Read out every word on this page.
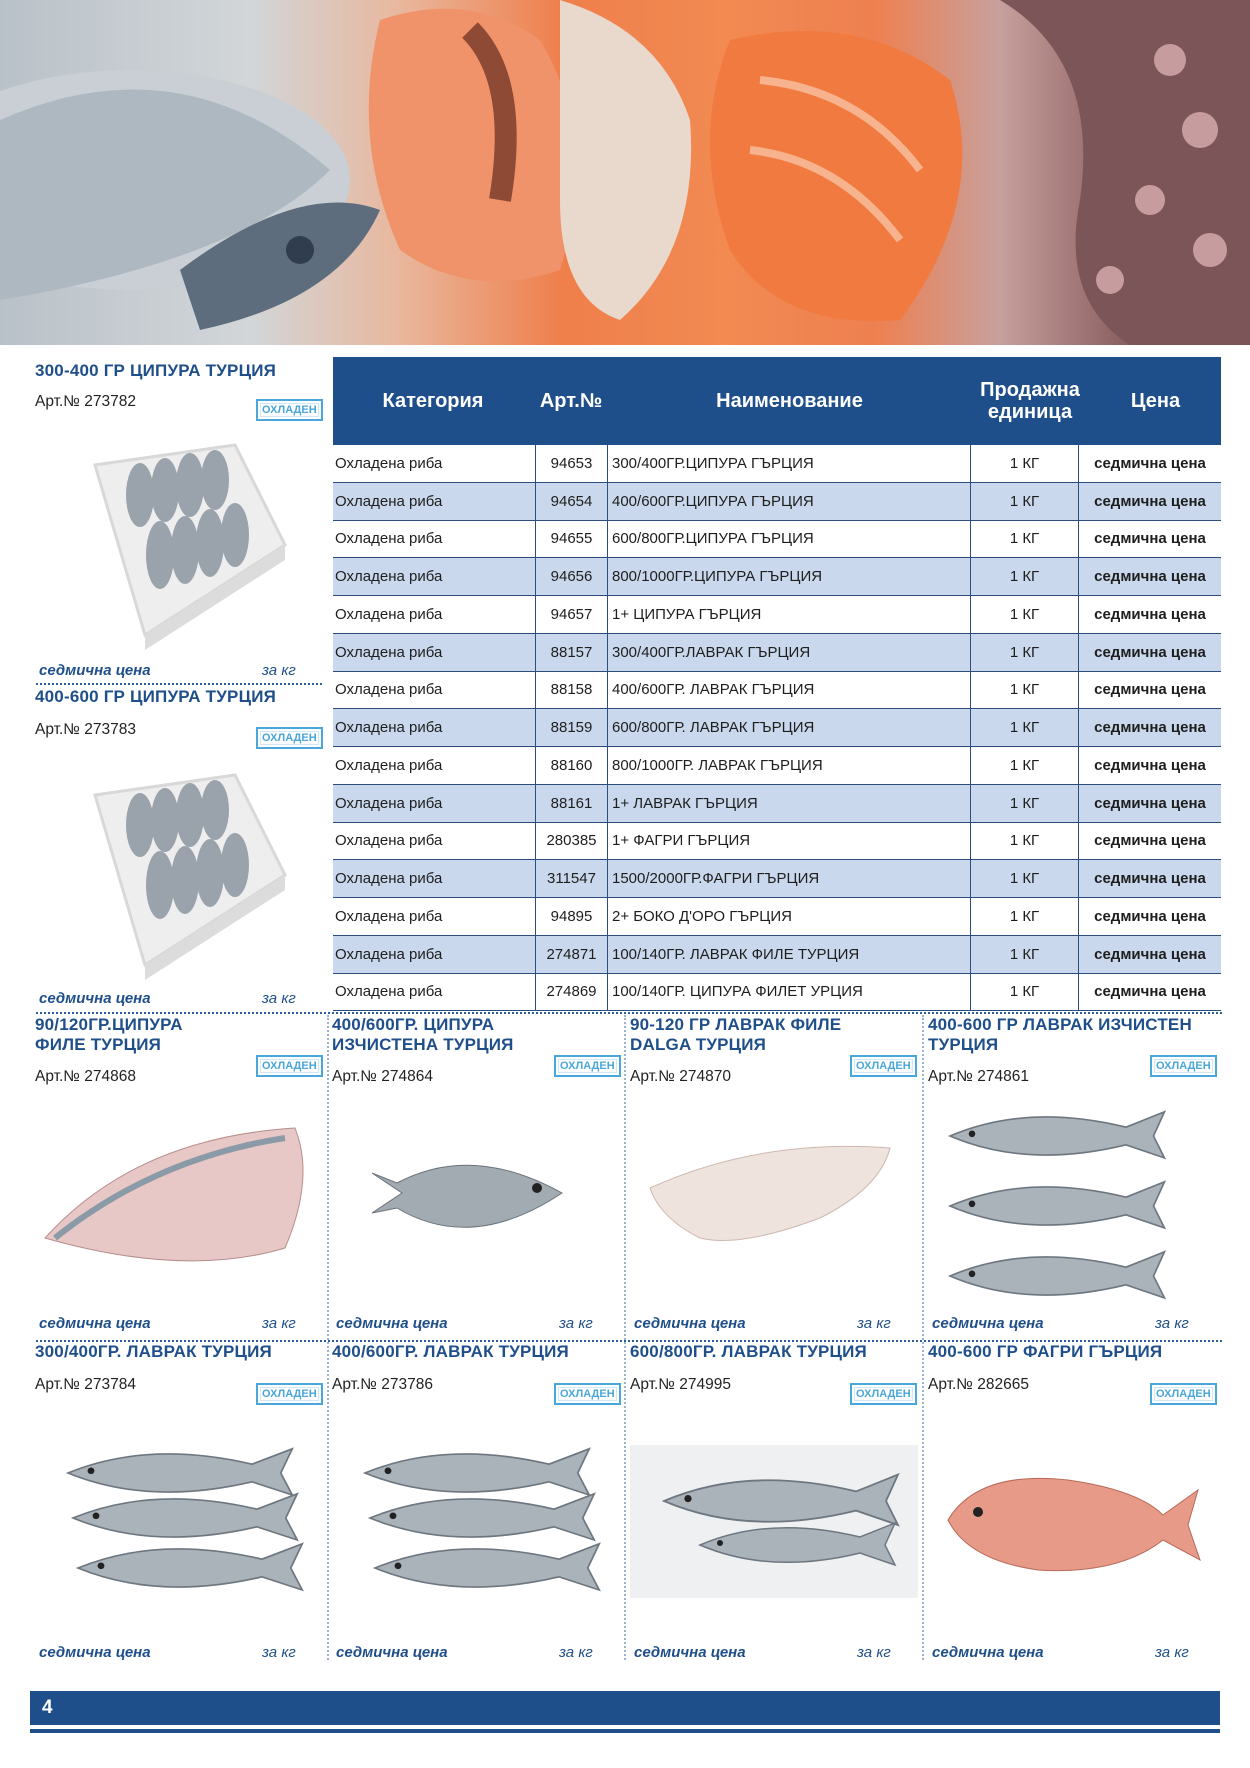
300-400 ГР ЦИПУРА ТУРЦИЯ
Арт.№ 273782	ОХЛАДЕН
седмична цена	за кг
400-600 ГР ЦИПУРА ТУРЦИЯ
Арт.№ 273783	ОХЛАДЕН
седмична цена	за кг
Категория	Арт.№	Наименование	Продажна единица	Цена
Охладена риба	94653	300/400ГР.ЦИПУРА ГЪРЦИЯ	1 КГ	седмична цена
Охладена риба	94654	400/600ГР.ЦИПУРА ГЪРЦИЯ	1 КГ	седмична цена
Охладена риба	94655	600/800ГР.ЦИПУРА ГЪРЦИЯ	1 КГ	седмична цена
Охладена риба	94656	800/1000ГР.ЦИПУРА ГЪРЦИЯ	1 КГ	седмична цена
Охладена риба	94657	1+ ЦИПУРА ГЪРЦИЯ	1 КГ	седмична цена
Охладена риба	88157	300/400ГР.ЛАВРАК ГЪРЦИЯ	1 КГ	седмична цена
Охладена риба	88158	400/600ГР. ЛАВРАК ГЪРЦИЯ	1 КГ	седмична цена
Охладена риба	88159	600/800ГР. ЛАВРАК ГЪРЦИЯ	1 КГ	седмична цена
Охладена риба	88160	800/1000ГР. ЛАВРАК ГЪРЦИЯ	1 КГ	седмична цена
Охладена риба	88161	1+ ЛАВРАК ГЪРЦИЯ	1 КГ	седмична цена
Охладена риба	280385	1+ ФАГРИ ГЪРЦИЯ	1 КГ	седмична цена
Охладена риба	311547	1500/2000ГР.ФАГРИ ГЪРЦИЯ	1 КГ	седмична цена
Охладена риба	94895	2+ БОКО Д'ОРО ГЪРЦИЯ	1 КГ	седмична цена
Охладена риба	274871	100/140ГР. ЛАВРАК ФИЛЕ ТУРЦИЯ	1 КГ	седмична цена
Охладена риба	274869	100/140ГР. ЦИПУРА ФИЛЕТ УРЦИЯ	1 КГ	седмична цена
90/120ГР.ЦИПУРА ФИЛЕ ТУРЦИЯ
Арт.№ 274868
ОХЛАДЕН
седмична цена	за кг
400/600ГР. ЦИПУРА ИЗЧИСТЕНА ТУРЦИЯ
Арт.№ 274864
ОХЛАДЕН
седмична цена	за кг
90-120 ГР ЛАВРАК ФИЛЕ DALGA ТУРЦИЯ
Арт.№ 274870
ОХЛАДЕН
седмична цена	за кг
400-600 ГР ЛАВРАК ИЗЧИСТЕН ТУРЦИЯ
Арт.№ 274861
ОХЛАДЕН
седмична цена	за кг
300/400ГР. ЛАВРАК ТУРЦИЯ
Арт.№ 273784
ОХЛАДЕН
седмична цена	за кг
400/600ГР. ЛАВРАК ТУРЦИЯ
Арт.№ 273786
ОХЛАДЕН
седмична цена	за кг
600/800ГР. ЛАВРАК ТУРЦИЯ
Арт.№ 274995
ОХЛАДЕН
седмична цена	за кг
400-600 ГР ФАГРИ ГЪРЦИЯ
Арт.№ 282665
ОХЛАДЕН
седмична цена	за кг
4
